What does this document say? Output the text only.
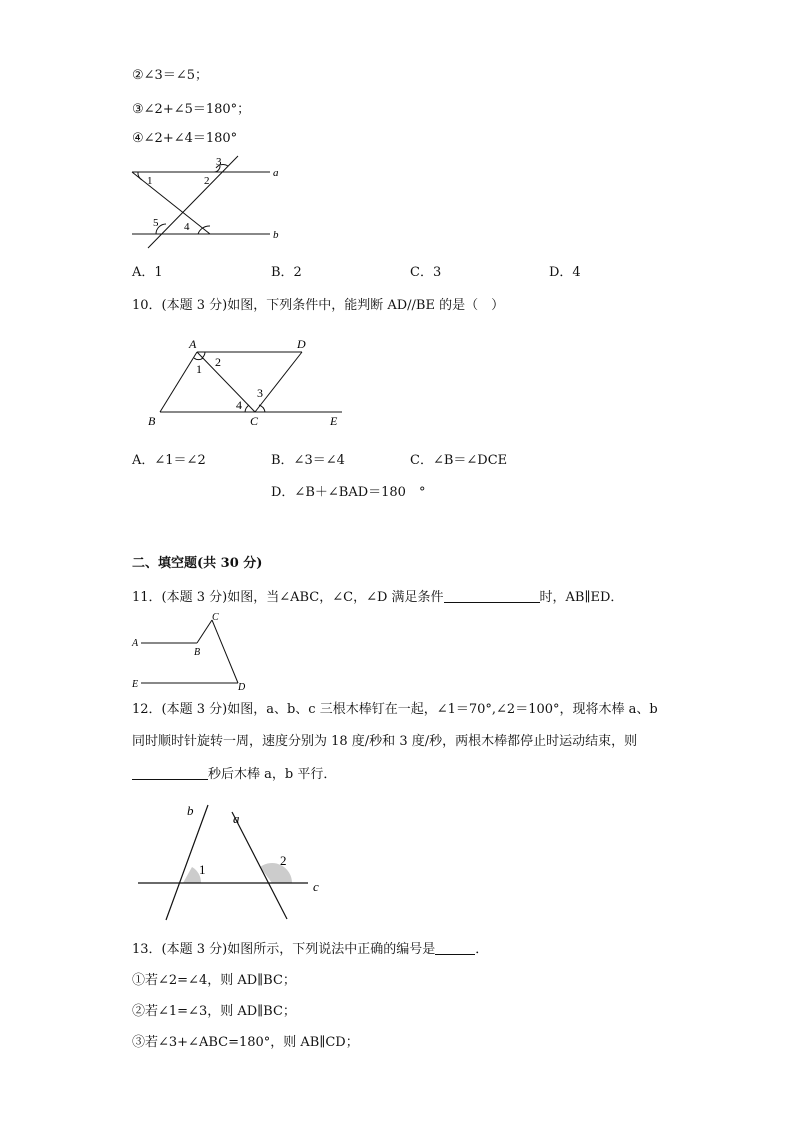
②∠3＝∠5；
③∠2+∠5＝180°；
④∠2+∠4＝180°
1	2
3
4
5
a
b
A．1	B．2	C．3	D．4
10．(本题 3 分)如图，下列条件中，能判断 AD//BE 的是（　）
A	D
B	C	E
1 2
3
4
A．∠1＝∠2	B．∠3＝∠4	C．∠B＝∠DCE
D．∠B＋∠BAD＝180　°
二、填空题(共 30 分)
11．(本题 3 分)如图，当∠ABC，∠C，∠D 满足条件	时，AB∥ED．
A
B
C
E	D
12．(本题 3 分)如图，a、b、c 三根木棒钉在一起，∠1＝70°,∠2＝100°，现将木棒 a、b
同时顺时针旋转一周，速度分别为 18 度/秒和 3 度/秒，两根木棒都停止时运动结束，则
秒后木棒 a，b 平行．
b
a
c
1
2
13．(本题 3 分)如图所示，下列说法中正确的编号是	．
①若∠2=∠4，则 AD∥BC；
②若∠1=∠3，则 AD∥BC；
③若∠3+∠ABC=180°，则 AB∥CD；
